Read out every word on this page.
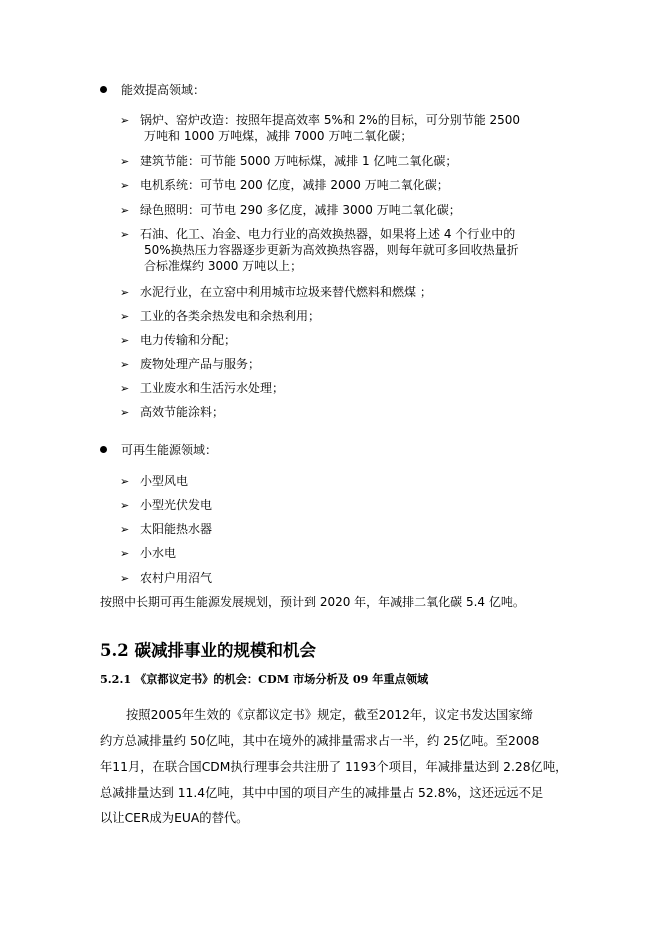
能效提高领域：
➢ 锅炉、窑炉改造：按照年提高效率 5%和 2%的目标，可分别节能 2500
万吨和 1000 万吨煤，减排 7000 万吨二氧化碳；
➢ 建筑节能：可节能 5000 万吨标煤，减排 1 亿吨二氧化碳；
➢ 电机系统：可节电 200 亿度，减排 2000 万吨二氧化碳；
➢ 绿色照明：可节电 290 多亿度，减排 3000 万吨二氧化碳；
➢ 石油、化工、冶金、电力行业的高效换热器，如果将上述 4 个行业中的
50%换热压力容器逐步更新为高效换热容器，则每年就可多回收热量折
合标准煤约 3000 万吨以上；
➢ 水泥行业，在立窑中利用城市垃圾来替代燃料和燃煤 ；
➢ 工业的各类余热发电和余热利用；
➢ 电力传输和分配；
➢ 废物处理产品与服务；
➢ 工业废水和生活污水处理；
➢ 高效节能涂料；
可再生能源领域：
➢ 小型风电
➢ 小型光伏发电
➢ 太阳能热水器
➢ 小水电
➢ 农村户用沼气
按照中长期可再生能源发展规划，预计到 2020 年，年减排二氧化碳 5.4 亿吨。
5.2 碳减排事业的规模和机会
5.2.1 《京都议定书》的机会：CDM 市场分析及 09 年重点领域
按照2005年生效的《京都议定书》规定，截至2012年，议定书发达国家缔
约方总减排量约 50亿吨，其中在境外的减排量需求占一半，约 25亿吨。至2008
年11月，在联合国CDM执行理事会共注册了 1193个项目，年减排量达到 2.28亿吨，
总减排量达到 11.4亿吨，其中中国的项目产生的减排量占 52.8%，这还远远不足
以让CER成为EUA的替代。
